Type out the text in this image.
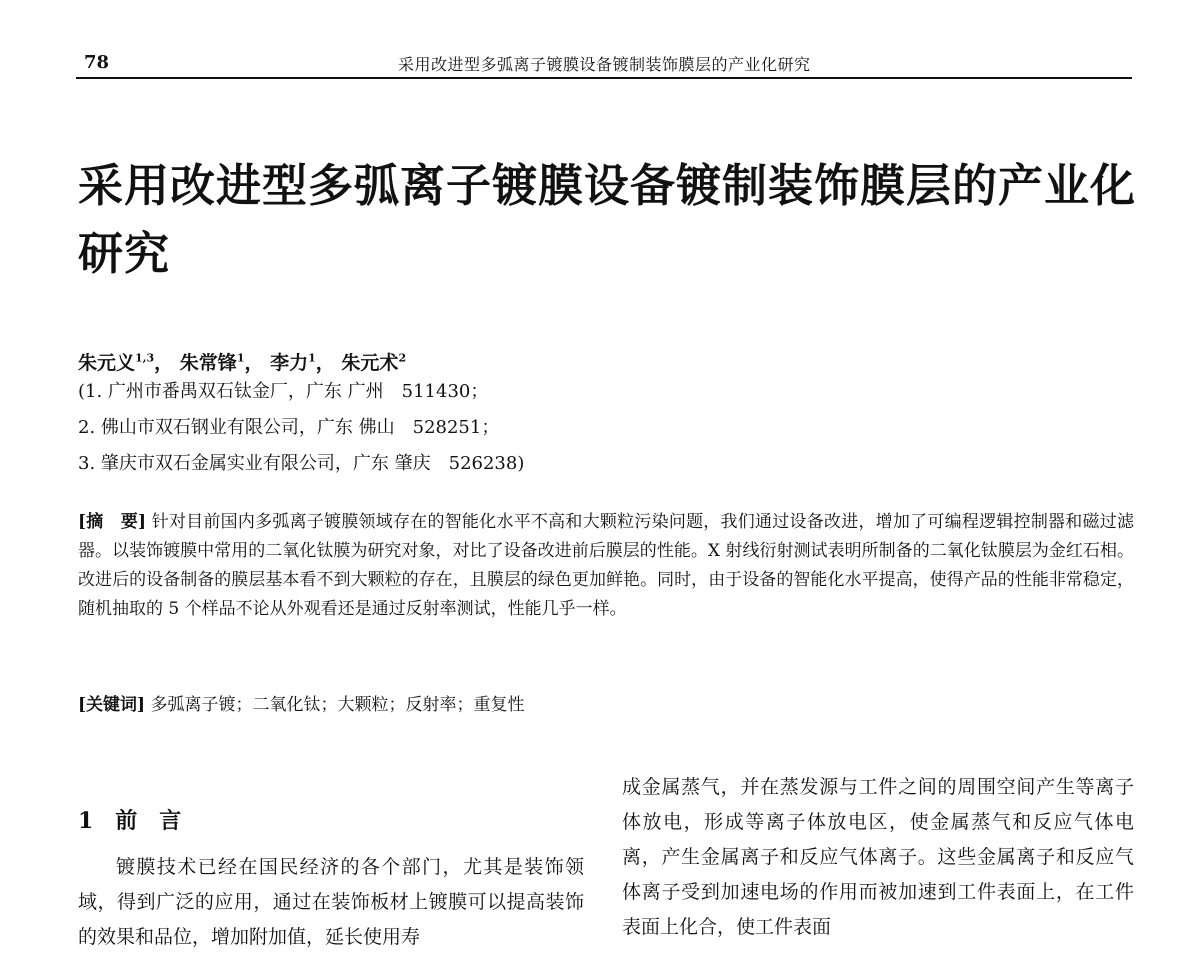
78	采用改进型多弧离子镀膜设备镀制装饰膜层的产业化研究
采用改进型多弧离子镀膜设备镀制装饰膜层的产业化研究
朱元义$^{1,3}$， 朱常锋$^1$， 李力$^1$， 朱元术$^2$
(1. 广州市番禺双石钛金厂，广东 广州　511430；
2. 佛山市双石钢业有限公司，广东 佛山　528251；
3. 肇庆市双石金属实业有限公司，广东 肇庆　526238)
[摘　要] 针对目前国内多弧离子镀膜领域存在的智能化水平不高和大颗粒污染问题，我们通过设备改进，增加了可编程逻辑控制器和磁过滤器。以装饰镀膜中常用的二氧化钛膜为研究对象，对比了设备改进前后膜层的性能。X 射线衍射测试表明所制备的二氧化钛膜层为金红石相。改进后的设备制备的膜层基本看不到大颗粒的存在，且膜层的绿色更加鲜艳。同时，由于设备的智能化水平提高，使得产品的性能非常稳定，随机抽取的 5 个样品不论从外观看还是通过反射率测试，性能几乎一样。
[关键词] 多弧离子镀；二氧化钛；大颗粒；反射率；重复性
1　前　言
镀膜技术已经在国民经济的各个部门，尤其是装饰领域，得到广泛的应用，通过在装饰板材上镀膜可以提高装饰的效果和品位，增加附加值，延长使用寿
成金属蒸气，并在蒸发源与工件之间的周围空间产生等离子体放电，形成等离子体放电区，使金属蒸气和反应气体电离，产生金属离子和反应气体离子。这些金属离子和反应气体离子受到加速电场的作用而被加速到工件表面上，在工件表面上化合，使工件表面
